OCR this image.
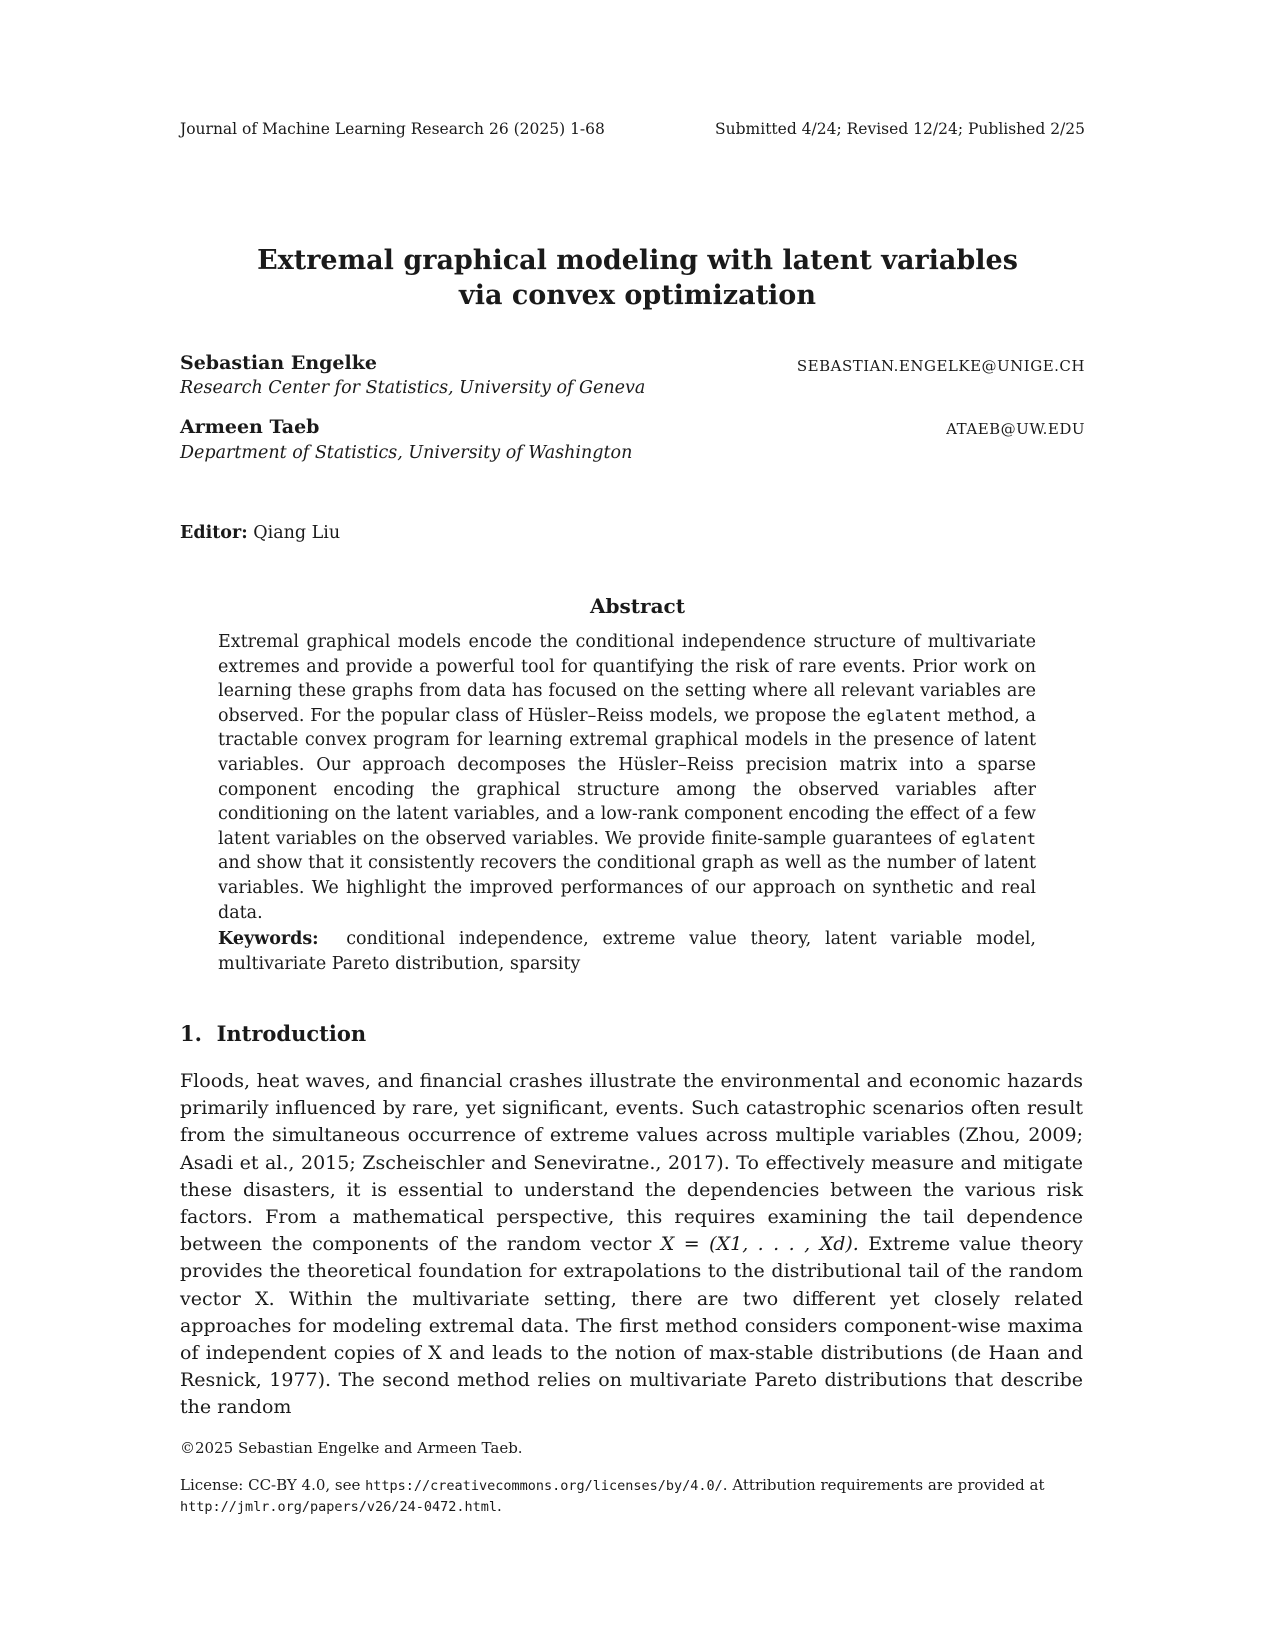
Journal of Machine Learning Research 26 (2025) 1-68	Submitted 4/24; Revised 12/24; Published 2/25
Extremal graphical modeling with latent variables
via convex optimization
Sebastian Engelke	SEBASTIAN.ENGELKE@UNIGE.CH
Research Center for Statistics, University of Geneva
Armeen Taeb	ATAEB@UW.EDU
Department of Statistics, University of Washington
Editor: Qiang Liu
Abstract

Extremal graphical models encode the conditional independence structure of multivariate extremes and provide a powerful tool for quantifying the risk of rare events. Prior work on learning these graphs from data has focused on the setting where all relevant variables are observed. For the popular class of Hüsler–Reiss models, we propose the eglatent method, a tractable convex program for learning extremal graphical models in the presence of latent variables. Our approach decomposes the Hüsler–Reiss precision matrix into a sparse component encoding the graphical structure among the observed variables after conditioning on the latent variables, and a low-rank component encoding the effect of a few latent variables on the observed variables. We provide finite-sample guarantees of eglatent and show that it consistently recovers the conditional graph as well as the number of latent variables. We highlight the improved performances of our approach on synthetic and real data.

Keywords: conditional independence, extreme value theory, latent variable model, multivariate Pareto distribution, sparsity

1. Introduction

Floods, heat waves, and financial crashes illustrate the environmental and economic hazards primarily influenced by rare, yet significant, events. Such catastrophic scenarios often result from the simultaneous occurrence of extreme values across multiple variables (Zhou, 2009; Asadi et al., 2015; Zscheischler and Seneviratne., 2017). To effectively measure and mitigate these disasters, it is essential to understand the dependencies between the various risk factors. From a mathematical perspective, this requires examining the tail dependence between the components of the random vector X = (X1, . . . , Xd). Extreme value theory provides the theoretical foundation for extrapolations to the distributional tail of the random vector X. Within the multivariate setting, there are two different yet closely related approaches for modeling extremal data. The first method considers component-wise maxima of independent copies of X and leads to the notion of max-stable distributions (de Haan and Resnick, 1977). The second method relies on multivariate Pareto distributions that describe the random

©2025 Sebastian Engelke and Armeen Taeb.

License: CC-BY 4.0, see https://creativecommons.org/licenses/by/4.0/. Attribution requirements are provided at http://jmlr.org/papers/v26/24-0472.html.
